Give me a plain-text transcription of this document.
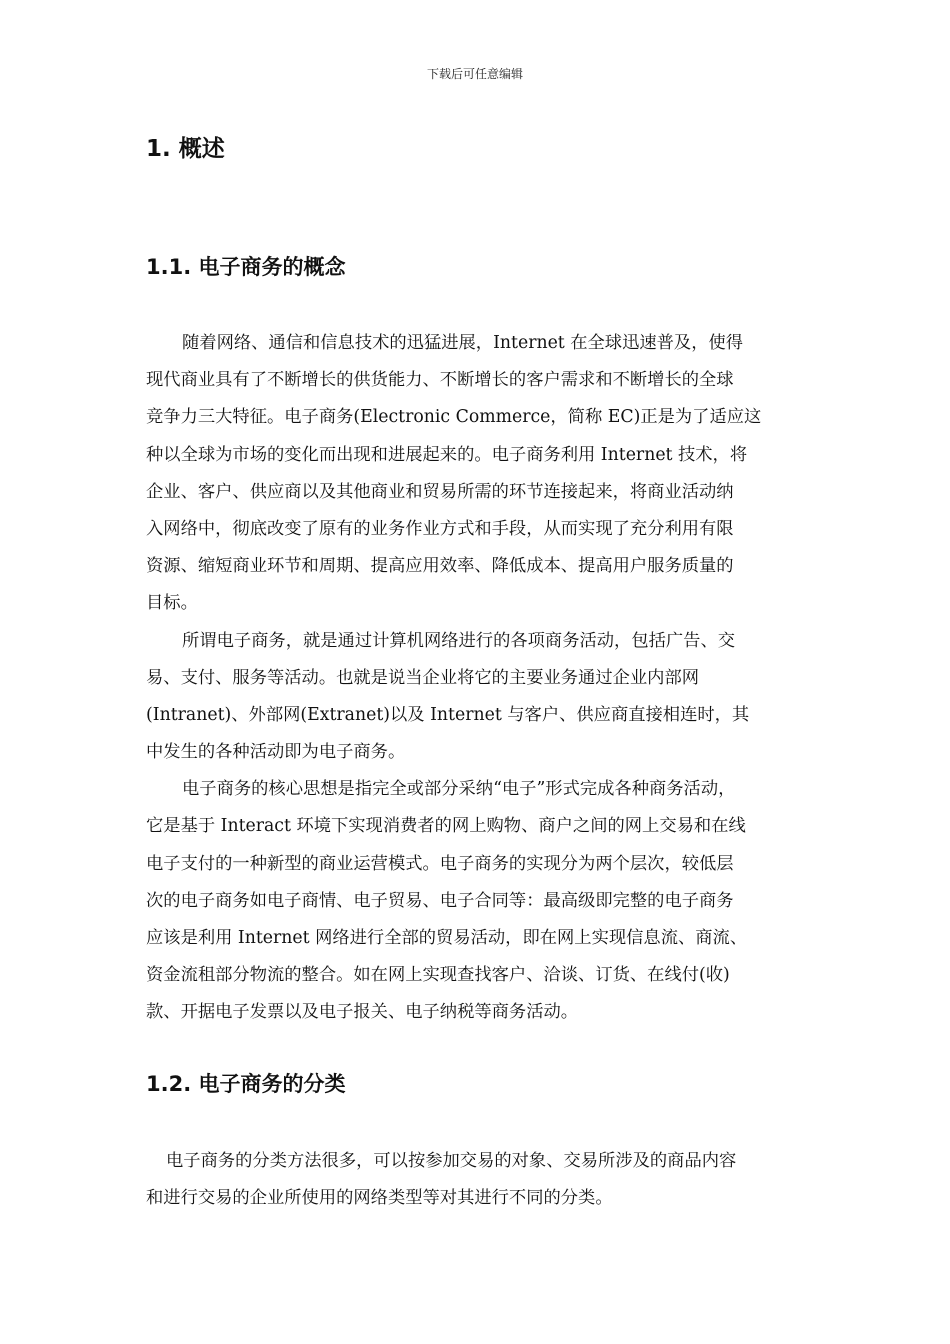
下载后可任意编辑
1. 概述
1.1. 电子商务的概念
随着网络、通信和信息技术的迅猛进展，Internet 在全球迅速普及，使得
现代商业具有了不断增长的供货能力、不断增长的客户需求和不断增长的全球
竞争力三大特征。电子商务(Electronic Commerce，简称 EC)正是为了适应这
种以全球为市场的变化而出现和进展起来的。电子商务利用 Internet 技术，将
企业、客户、供应商以及其他商业和贸易所需的环节连接起来，将商业活动纳
入网络中，彻底改变了原有的业务作业方式和手段，从而实现了充分利用有限
资源、缩短商业环节和周期、提高应用效率、降低成本、提高用户服务质量的
目标。
所谓电子商务，就是通过计算机网络进行的各项商务活动，包括广告、交
易、支付、服务等活动。也就是说当企业将它的主要业务通过企业内部网
(Intranet)、外部网(Extranet)以及 Internet 与客户、供应商直接相连时，其
中发生的各种活动即为电子商务。
电子商务的核心思想是指完全或部分采纳“电子”形式完成各种商务活动，
它是基于 Interact 环境下实现消费者的网上购物、商户之间的网上交易和在线
电子支付的一种新型的商业运营模式。电子商务的实现分为两个层次，较低层
次的电子商务如电子商情、电子贸易、电子合同等：最高级即完整的电子商务
应该是利用 Internet 网络进行全部的贸易活动，即在网上实现信息流、商流、
资金流租部分物流的整合。如在网上实现查找客户、洽谈、订货、在线付(收)
款、开据电子发票以及电子报关、电子纳税等商务活动。
1.2. 电子商务的分类
电子商务的分类方法很多，可以按参加交易的对象、交易所涉及的商品内容
和进行交易的企业所使用的网络类型等对其进行不同的分类。
